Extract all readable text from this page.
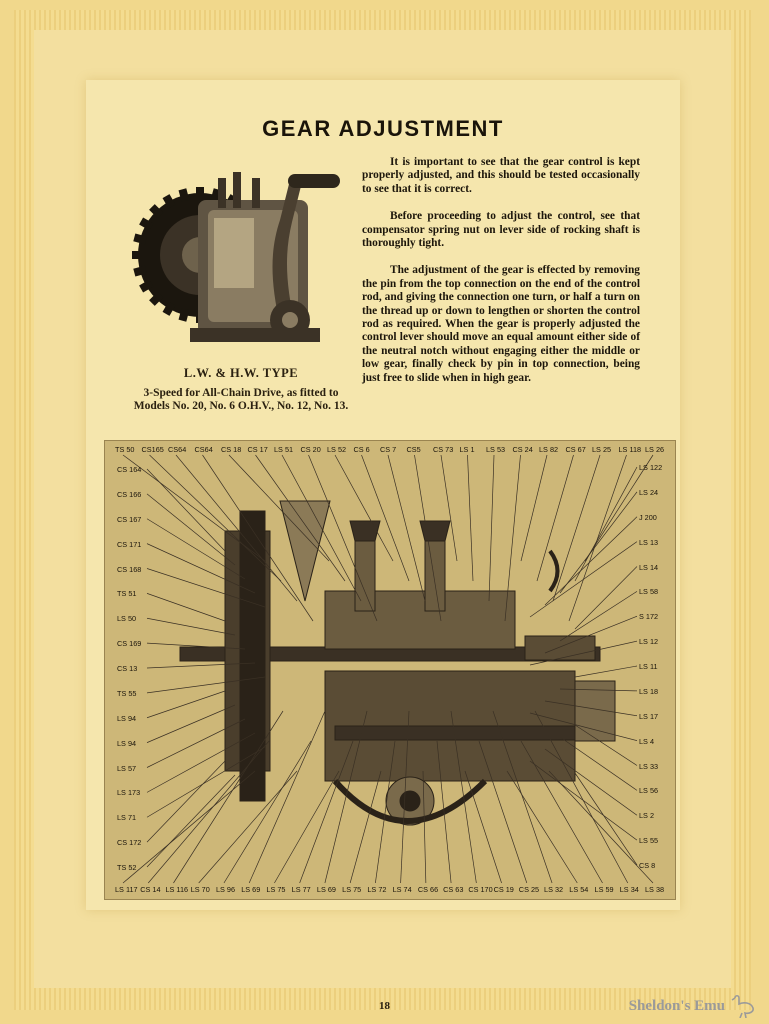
GEAR ADJUSTMENT
L.W. & H.W. TYPE
3-Speed for All-Chain Drive, as fitted to Models No. 20, No. 6 O.H.V., No. 12, No. 13.

It is important to see that the gear control is kept properly adjusted, and this should be tested occasionally to see that it is correct.

Before proceeding to adjust the control, see that compensator spring nut on lever side of rocking shaft is thoroughly tight.

The adjustment of the gear is effected by removing the pin from the top connection on the end of the control rod, and giving the connection one turn, or half a turn on the thread up or down to lengthen or shorten the control rod as required. When the gear is properly adjusted the control lever should move an equal amount either side of the neutral notch without engaging either the middle or low gear, finally check by pin in top connection, being just free to slide when in high gear.

TS 50 CS165 CS64 CS64 CS 18 CS 17 LS 51 CS 20 LS 52 CS 6 CS 7 CS5 CS 73 LS 1 LS 53 CS 24 LS 82 CS 67 LS 25 LS 118 LS 26
CS 164
CS 166
CS 167
CS 171
CS 168
TS 51
LS 50
CS 169
CS 13
TS 55
LS 94
LS 94
LS 57
LS 173
LS 71
CS 172
TS 52
LS 122
LS 24
J 200
LS 13
LS 14
LS 58
S 172
LS 12
LS 11
LS 18
LS 17
LS 4
LS 33
LS 56
LS 2
LS 55
CS 8
LS 117 CS 14 LS 116 LS 70 LS 96 LS 69 LS 75 LS 77 LS 69 LS 75 LS 72 LS 74 CS 66 CS 63 CS 170 CS 19 CS 25 LS 32 LS 54 LS 59 LS 34 LS 38
18	Sheldon's Emu
